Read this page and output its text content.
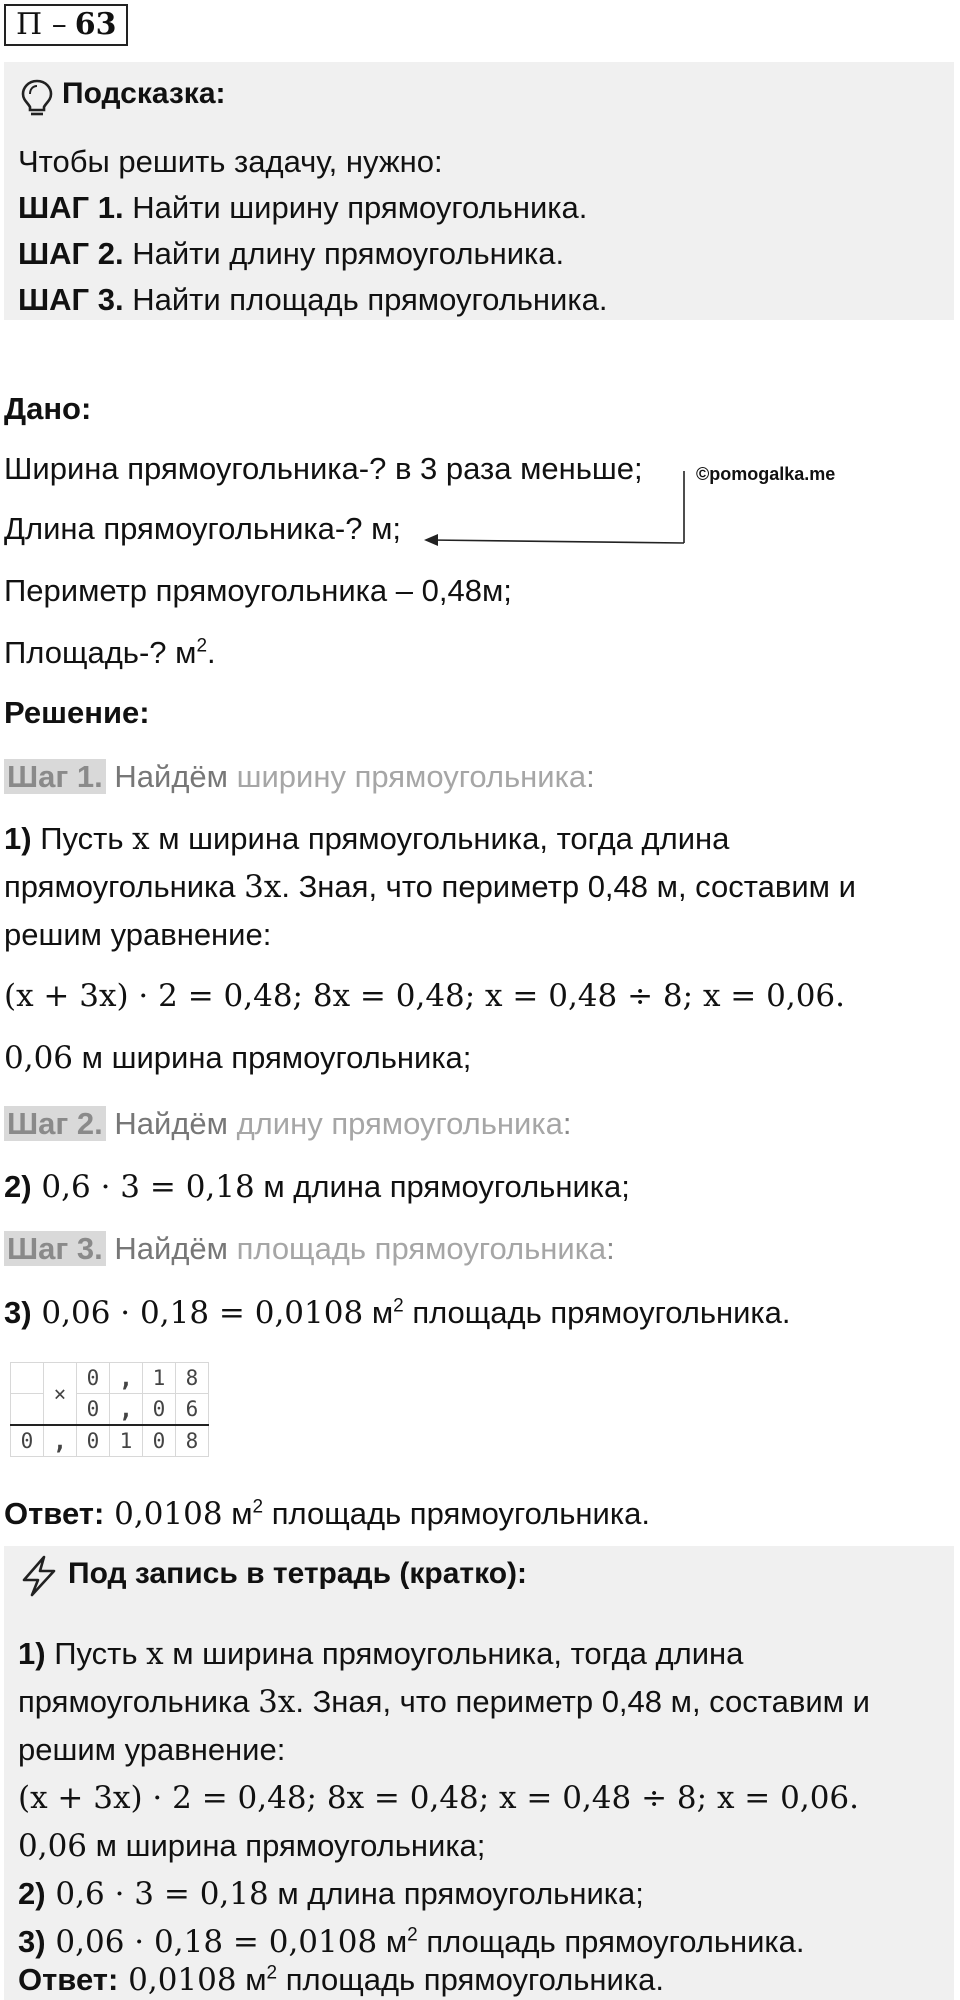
П – 63
Подсказка:
Чтобы решить задачу, нужно:
ШАГ 1. Найти ширину прямоугольника.
ШАГ 2. Найти длину прямоугольника.
ШАГ 3. Найти площадь прямоугольника.
Дано:
Ширина прямоугольника-? в 3 раза меньше;
Длина прямоугольника-? м;
Периметр прямоугольника – 0,48м;
Площадь-? $м^2$.
©pomogalka.me
Решение:
Шаг 1. Найдём ширину прямоугольника:
1) Пусть x м ширина прямоугольника, тогда длина
прямоугольника 3x. Зная, что периметр 0,48 м, составим и
решим уравнение:
(x + 3x) · 2 = 0,48; 8x = 0,48; x = 0,48 ÷ 8; x = 0,06.
0,06 м ширина прямоугольника;
Шаг 2. Найдём длину прямоугольника:
2) 0,6 · 3 = 0,18 м длина прямоугольника;
Шаг 3. Найдём площадь прямоугольника:
3) 0,06 · 0,18 = 0,0108 $м^2$ площадь прямоугольника.
	×	0	,	1	8
		0	,	0	6
0	,	0	1	0	8
Ответ: 0,0108 $м^2$ площадь прямоугольника.
Под запись в тетрадь (кратко):
1) Пусть x м ширина прямоугольника, тогда длина
прямоугольника 3x. Зная, что периметр 0,48 м, составим и
решим уравнение:
(x + 3x) · 2 = 0,48; 8x = 0,48; x = 0,48 ÷ 8; x = 0,06.
0,06 м ширина прямоугольника;
2) 0,6 · 3 = 0,18 м длина прямоугольника;
3) 0,06 · 0,18 = 0,0108 $м^2$ площадь прямоугольника.
Ответ: 0,0108 $м^2$ площадь прямоугольника.
